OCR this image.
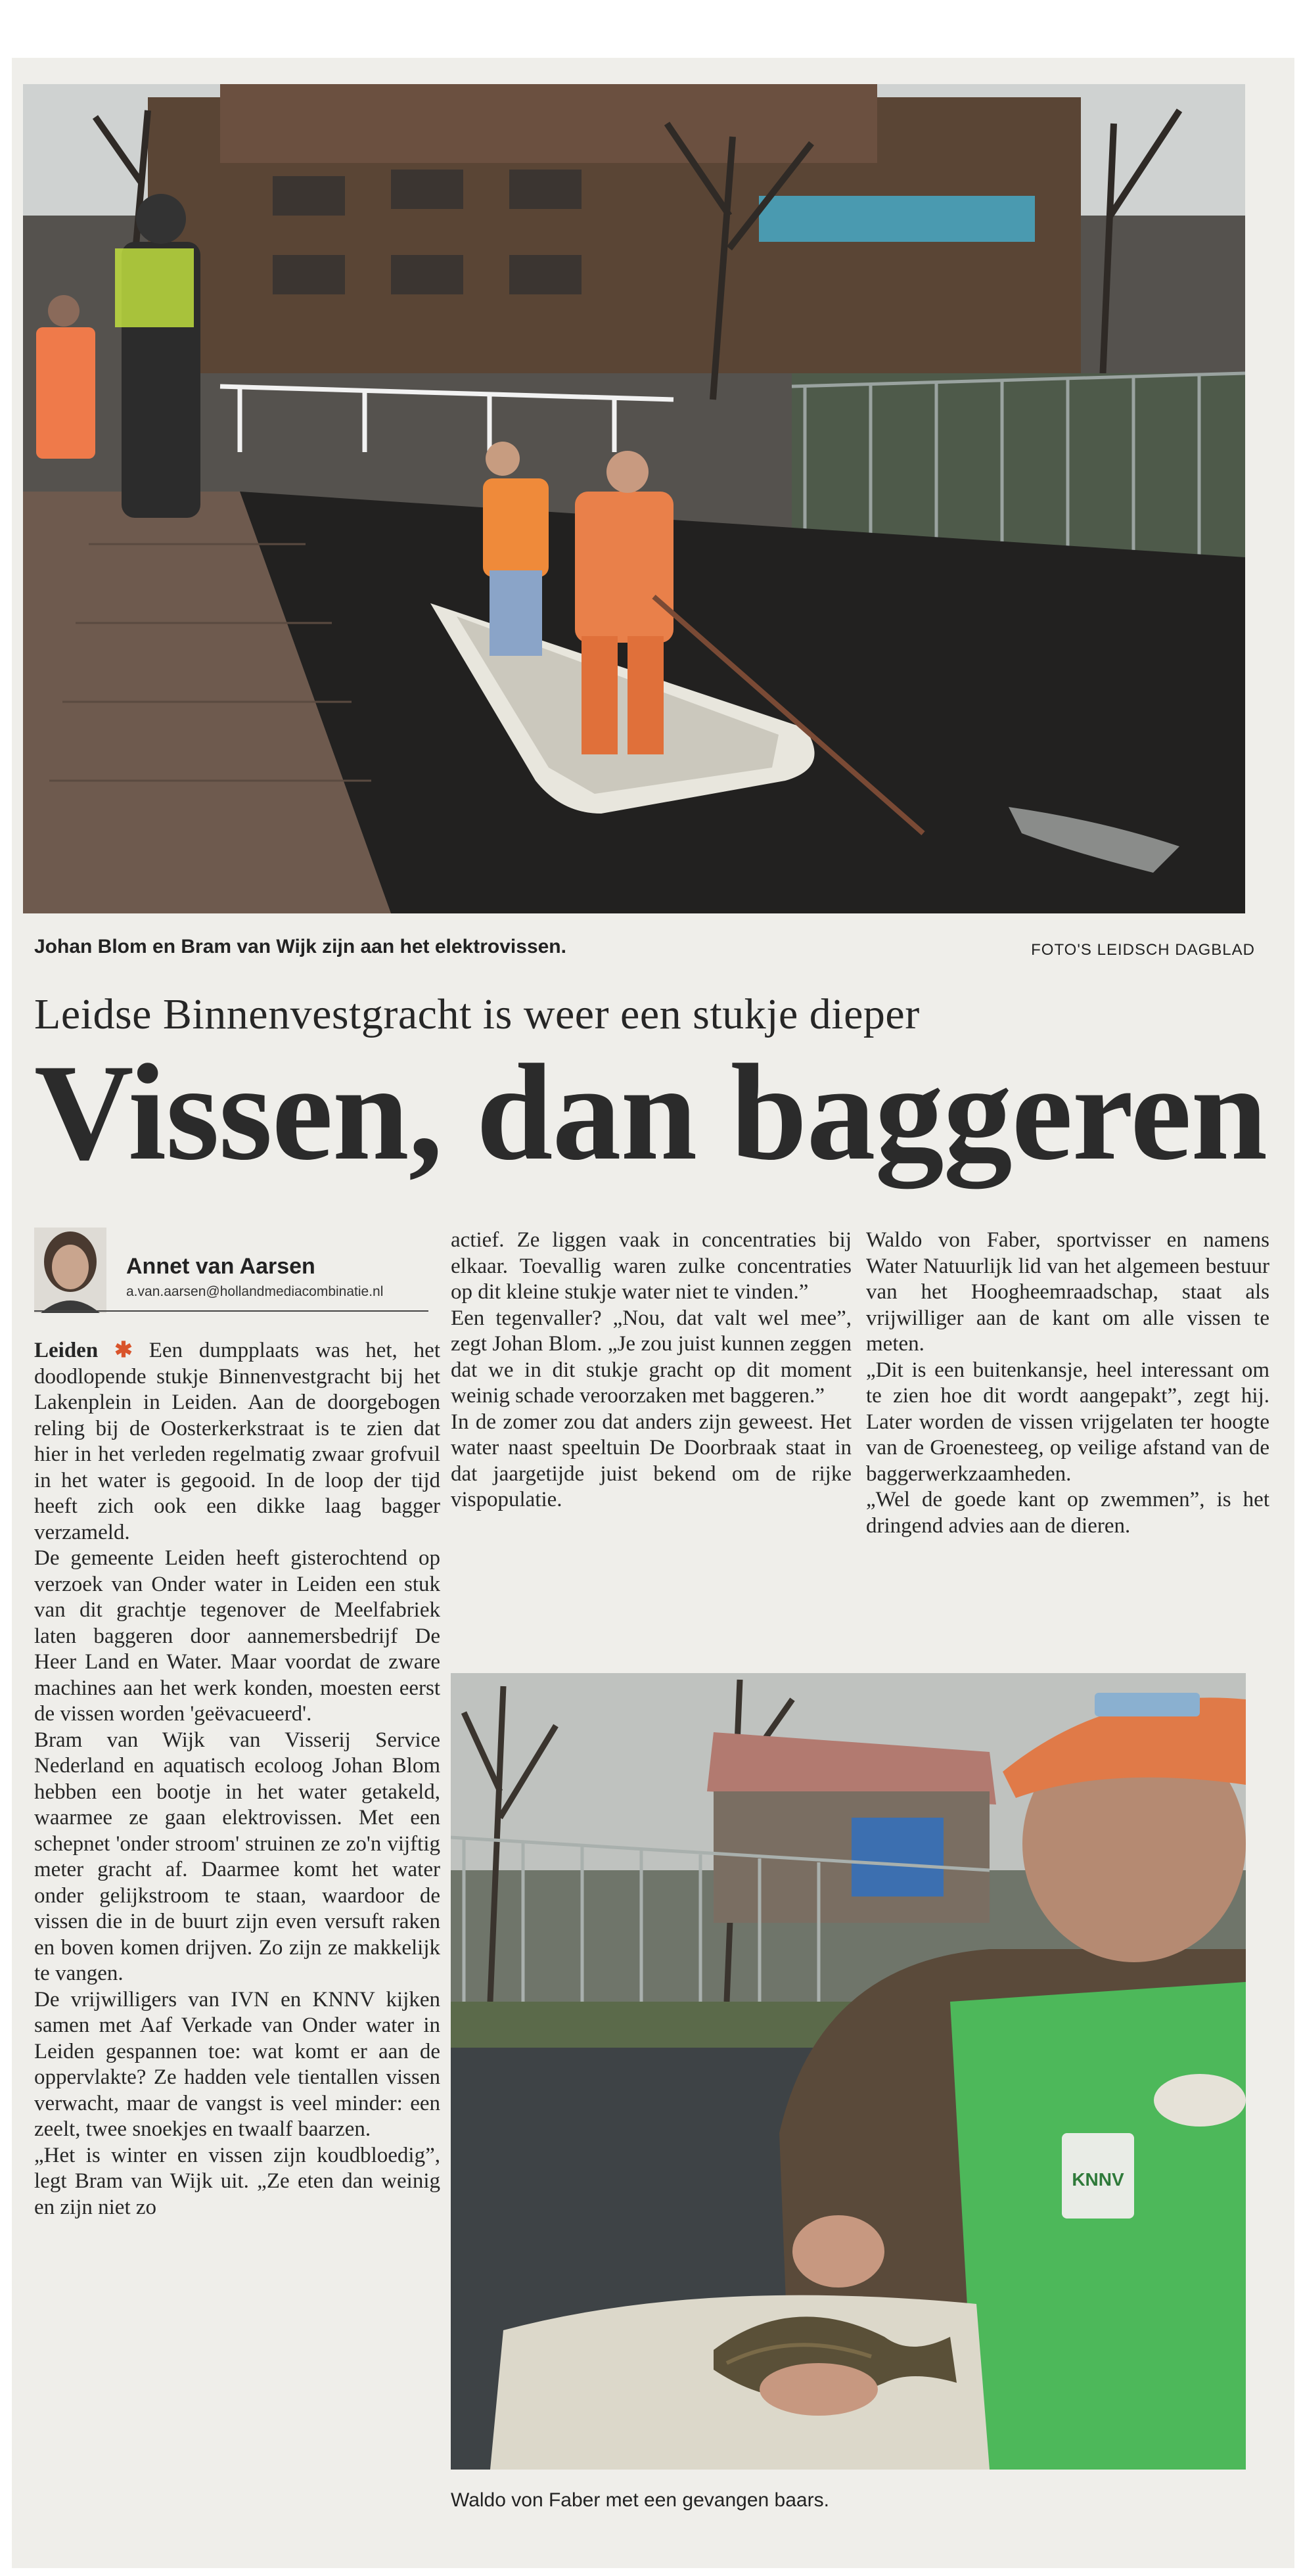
Johan Blom en Bram van Wijk zijn aan het elektrovissen.	FOTO'S LEIDSCH DAGBLAD
Leidse Binnenvestgracht is weer een stukje dieper
Vissen, dan baggeren
Annet van Aarsen
a.van.aarsen@hollandmediacombinatie.nl

Leiden ✱ Een dumpplaats was het, het doodlopende stukje Binnenvestgracht bij het Lakenplein in Leiden. Aan de doorgebogen reling bij de Oosterkerkstraat is te zien dat hier in het verleden regelmatig zwaar grofvuil in het water is gegooid. In de loop der tijd heeft zich ook een dikke laag bagger verzameld.

De gemeente Leiden heeft gisterochtend op verzoek van Onder water in Leiden een stuk van dit grachtje tegenover de Meelfabriek laten baggeren door aannemersbedrijf De Heer Land en Water. Maar voordat de zware machines aan het werk konden, moesten eerst de vissen worden 'geëvacueerd'.

Bram van Wijk van Visserij Service Nederland en aquatisch ecoloog Johan Blom hebben een bootje in het water getakeld, waarmee ze gaan elektrovissen. Met een schepnet 'onder stroom' struinen ze zo'n vijftig meter gracht af. Daarmee komt het water onder gelijkstroom te staan, waardoor de vissen die in de buurt zijn even versuft raken en boven komen drijven. Zo zijn ze makkelijk te vangen.

De vrijwilligers van IVN en KNNV kijken samen met Aaf Verkade van Onder water in Leiden gespannen toe: wat komt er aan de oppervlakte? Ze hadden vele tientallen vissen verwacht, maar de vangst is veel minder: een zeelt, twee snoekjes en twaalf baarzen.

„Het is winter en vissen zijn koudbloedig”, legt Bram van Wijk uit. „Ze eten dan weinig en zijn niet zo

actief. Ze liggen vaak in concentraties bij elkaar. Toevallig waren zulke concentraties op dit kleine stukje water niet te vinden.”

Een tegenvaller? „Nou, dat valt wel mee”, zegt Johan Blom. „Je zou juist kunnen zeggen dat we in dit stukje gracht op dit moment weinig schade veroorzaken met baggeren.”

In de zomer zou dat anders zijn geweest. Het water naast speeltuin De Doorbraak staat in dat jaargetijde juist bekend om de rijke vispopulatie.

Waldo von Faber, sportvisser en namens Water Natuurlijk lid van het algemeen bestuur van het Hoogheemraadschap, staat als vrijwilliger aan de kant om alle vissen te meten.

„Dit is een buitenkansje, heel interessant om te zien hoe dit wordt aangepakt”, zegt hij. Later worden de vissen vrijgelaten ter hoogte van de Groenesteeg, op veilige afstand van de baggerwerkzaamheden.

„Wel de goede kant op zwemmen”, is het dringend advies aan de dieren.

KNNV
Waldo von Faber met een gevangen baars.
